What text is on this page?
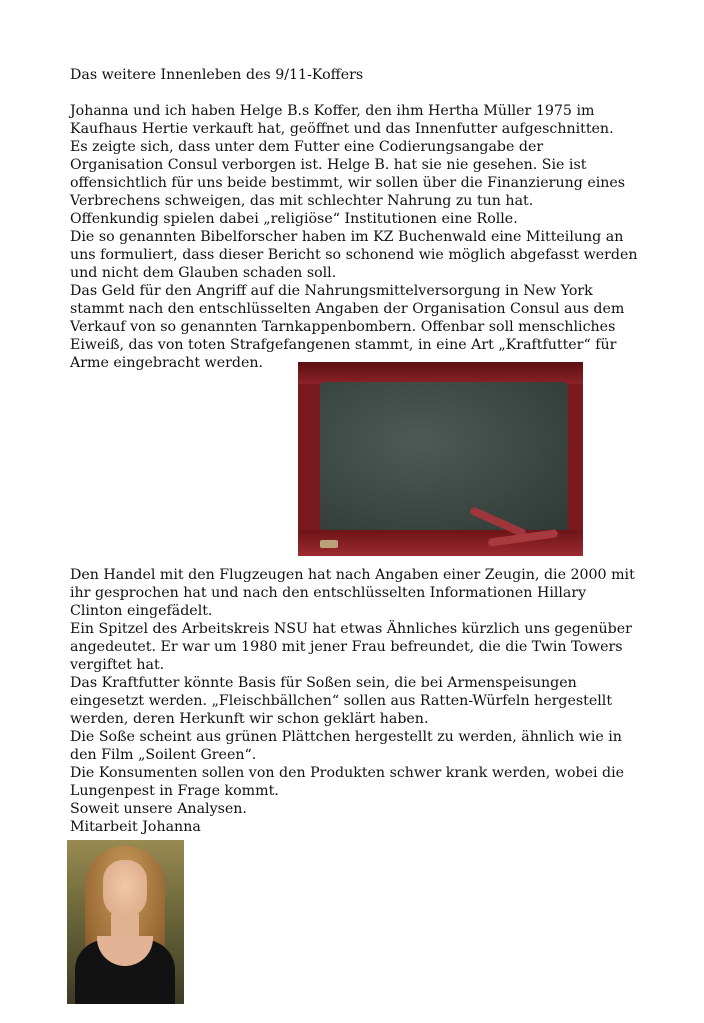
Das weitere Innenleben des 9/11-Koffers
Johanna und ich haben Helge B.s Koffer, den ihm Hertha Müller 1975 im
Kaufhaus Hertie verkauft hat, geöffnet und das Innenfutter aufgeschnitten.
Es zeigte sich, dass unter dem Futter eine Codierungsangabe der
Organisation Consul verborgen ist. Helge B. hat sie nie gesehen. Sie ist
offensichtlich für uns beide bestimmt, wir sollen über die Finanzierung eines
Verbrechens schweigen, das mit schlechter Nahrung zu tun hat.
Offenkundig spielen dabei „religiöse“ Institutionen eine Rolle.
Die so genannten Bibelforscher haben im KZ Buchenwald eine Mitteilung an
uns formuliert, dass dieser Bericht so schonend wie möglich abgefasst werden
und nicht dem Glauben schaden soll.
Das Geld für den Angriff auf die Nahrungsmittelversorgung in New York
stammt nach den entschlüsselten Angaben der Organisation Consul aus dem
Verkauf von so genannten Tarnkappenbombern. Offenbar soll menschliches
Eiweiß, das von toten Strafgefangenen stammt, in eine Art „Kraftfutter“ für
Arme eingebracht werden.
Den Handel mit den Flugzeugen hat nach Angaben einer Zeugin, die 2000 mit
ihr gesprochen hat und nach den entschlüsselten Informationen Hillary
Clinton eingefädelt.
Ein Spitzel des Arbeitskreis NSU hat etwas Ähnliches kürzlich uns gegenüber
angedeutet. Er war um 1980 mit jener Frau befreundet, die die Twin Towers
vergiftet hat.
Das Kraftfutter könnte Basis für Soßen sein, die bei Armenspeisungen
eingesetzt werden. „Fleischbällchen“ sollen aus Ratten-Würfeln hergestellt
werden, deren Herkunft wir schon geklärt haben.
Die Soße scheint aus grünen Plättchen hergestellt zu werden, ähnlich wie in
den Film „Soilent Green“.
Die Konsumenten sollen von den Produkten schwer krank werden, wobei die
Lungenpest in Frage kommt.
Soweit unsere Analysen.
Mitarbeit Johanna
